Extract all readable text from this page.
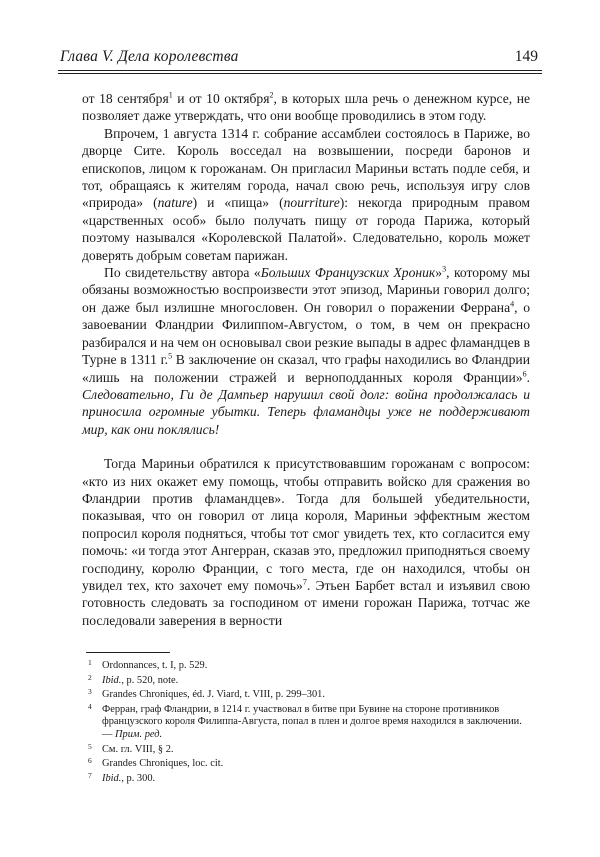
Глава V. Дела королевства	149

от 18 сентября$^1$ и от 10 октября$^2$, в которых шла речь о денежном курсе, не позволяет даже утверждать, что они вообще проводились в этом году.

Впрочем, 1 августа 1314 г. собрание ассамблеи состоялось в Париже, во дворце Сите. Король восседал на возвышении, посреди баронов и епископов, лицом к горожанам. Он пригласил Мариньи встать подле себя, и тот, обращаясь к жителям города, начал свою речь, используя игру слов «природа» (nature) и «пища» (nourriture): некогда природным правом «царственных особ» было получать пищу от города Парижа, который поэтому назывался «Королевской Палатой». Следовательно, король может доверять добрым советам парижан.

По свидетельству автора «Больших Французских Хроник»$^3$, которому мы обязаны возможностью воспроизвести этот эпизод, Мариньи говорил долго; он даже был излишне многословен. Он говорил о поражении Феррана$^4$, о завоевании Фландрии Филиппом-Августом, о том, в чем он прекрасно разбирался и на чем он основывал свои резкие выпады в адрес фламандцев в Турне в 1311 г.$^5$ В заключение он сказал, что графы находились во Фландрии «лишь на положении стражей и верноподданных короля Франции»$^6$. Следовательно, Ги де Дампьер нарушил свой долг: война продолжалась и приносила огромные убытки. Теперь фламандцы уже не поддерживают мир, как они поклялись!

Тогда Мариньи обратился к присутствовавшим горожанам с вопросом: «кто из них окажет ему помощь, чтобы отправить войско для сражения во Фландрии против фламандцев». Тогда для большей убедительности, показывая, что он говорил от лица короля, Мариньи эффектным жестом попросил короля подняться, чтобы тот смог увидеть тех, кто согласится ему помочь: «и тогда этот Ангерран, сказав это, предложил приподняться своему господину, королю Франции, с того места, где он находился, чтобы он увидел тех, кто захочет ему помочь»$^7$. Этьен Барбет встал и изъявил свою готовность следовать за господином от имени горожан Парижа, тотчас же последовали заверения в верности

1 Ordonnances, t. I, p. 529.
2 Ibid., p. 520, note.
3 Grandes Chroniques, éd. J. Viard, t. VIII, p. 299–301.
4 Ферран, граф Фландрии, в 1214 г. участвовал в битве при Бувине на стороне противников французского короля Филиппа-Августа, попал в плен и долгое время находился в заключении. — Прим. ред.
5 См. гл. VIII, § 2.
6 Grandes Chroniques, loc. cit.
7 Ibid., p. 300.
